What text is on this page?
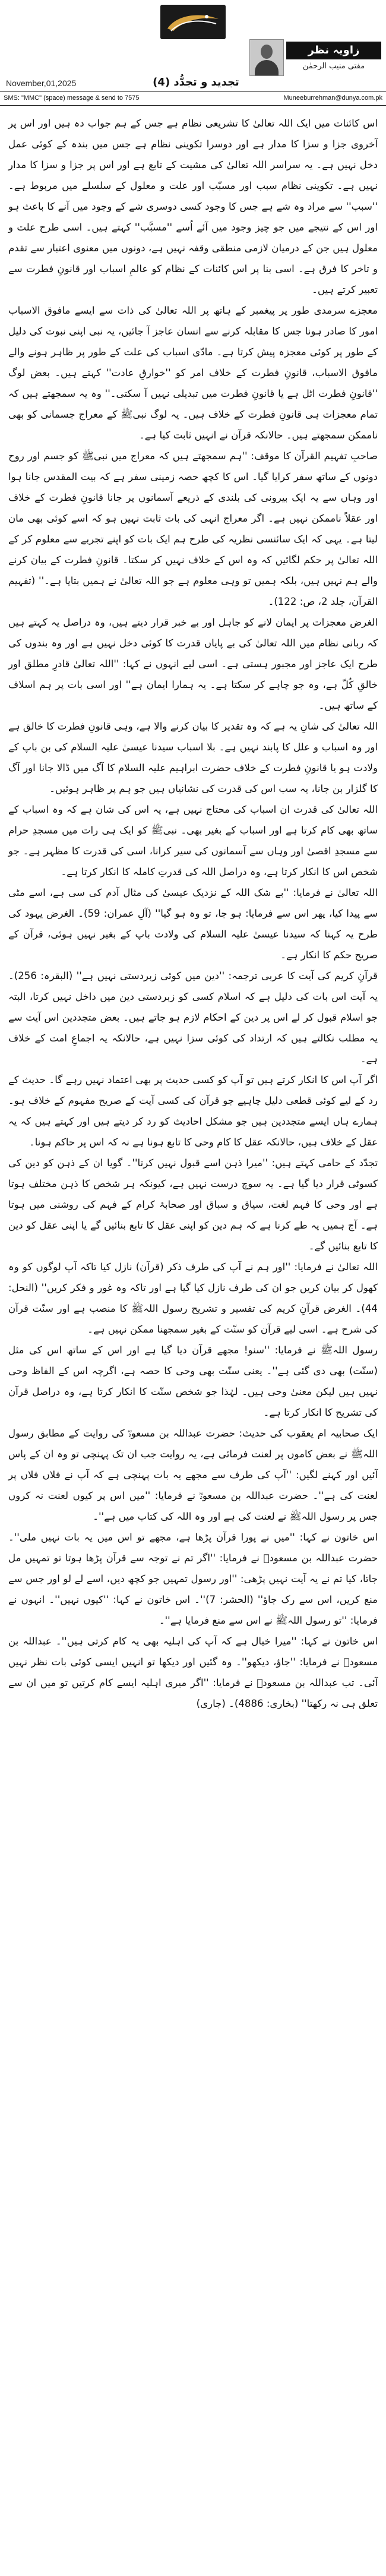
زاویہ نظر
مفتی منیب الرحمٰن
November,01,2025	تجدید و تجدُّد (4)
SMS: "MMC" (space) message & send to 7575	Muneeburrehman@dunya.com.pk

اس کائنات میں ایک اللہ تعالیٰ کا تشریعی نظام ہے جس کے ہم جواب دہ ہیں اور اس پر آخروی جزا و سزا کا مدار ہے اور دوسرا تکوینی نظام ہے جس میں بندہ کے کوئی عمل دخل نہیں ہے۔ یہ سراسر اللہ تعالیٰ کی مشیت کے تابع ہے اور اس پر جزا و سزا کا مدار نہیں ہے۔ تکوینی نظام سبب اور مسبّب اور علت و معلول کے سلسلے میں مربوط ہے۔ ''سبب'' سے مراد وہ شے ہے جس کا وجود کسی دوسری شے کے وجود میں آنے کا باعث ہو اور اس کے نتیجے میں جو چیز وجود میں آئے اُسے ''مسبَّب'' کہتے ہیں۔ اسی طرح علت و معلول ہیں جن کے درمیان لازمی منطقی وقفہ نہیں ہے، دونوں میں معنوی اعتبار سے تقدم و تاخر کا فرق ہے۔ اسی بنا پر اس کائنات کے نظام کو عالمِ اسباب اور قانونِ فطرت سے تعبیر کرتے ہیں۔

معجزے سرمدی طور پر پیغمبر کے ہاتھ پر اللہ تعالیٰ کی ذات سے ایسے مافوق الاسباب امور کا صادر ہونا جس کا مقابلہ کرنے سے انسان عاجز آ جائیں، یہ نبی اپنی نبوت کی دلیل کے طور پر کوئی معجزہ پیش کرتا ہے۔ مادّی اسباب کی علت کے طور پر ظاہر ہونے والے مافوق الاسباب، قانونِ فطرت کے خلاف امر کو ''خوارقِ عادت'' کہتے ہیں۔ بعض لوگ ''قانونِ فطرت اٹل ہے یا قانونِ فطرت میں تبدیلی نہیں آ سکتی۔'' وہ یہ سمجھتے ہیں کہ تمام معجزات ہی قانونِ فطرت کے خلاف ہیں۔ یہ لوگ نبیﷺ کے معراج جسمانی کو بھی ناممکن سمجھتے ہیں۔ حالانکہ قرآن نے انہیں ثابت کیا ہے۔

صاحبِ تفہیم القرآن کا موقف: ''ہم سمجھتے ہیں کہ معراج میں نبیﷺ کو جسم اور روح دونوں کے ساتھ سفر کرایا گیا۔ اس کا کچھ حصہ زمینی سفر ہے کہ بیت المقدس جانا ہوا اور وہاں سے یہ ایک بیرونی کی بلندی کے ذریعے آسمانوں پر جانا قانونِ فطرت کے خلاف اور عقلاً ناممکن نہیں ہے۔ اگر معراج انہی کی بات ثابت نہیں ہو کہ اسے کوئی بھی مان لیتا ہے۔ یہی کہ ایک سائنسی نظریہ کی طرح ہم ایک بات کو اپنے تجربے سے معلوم کر کے اللہ تعالیٰ پر حکم لگائیں کہ وہ اس کے خلاف نہیں کر سکتا۔ قانونِ فطرت کے بیان کرنے والے ہم نہیں ہیں، بلکہ ہمیں تو وہی معلوم ہے جو اللہ تعالیٰ نے ہمیں بتایا ہے۔'' (تفہیم القرآن، جلد 2، ص: 122)۔

الغرض معجزات پر ایمان لانے کو جاہل اور بے خبر قرار دیتے ہیں، وہ دراصل یہ کہتے ہیں کہ ربانی نظام میں اللہ تعالیٰ کی بے پایاں قدرت کا کوئی دخل نہیں ہے اور وہ بندوں کی طرح ایک عاجز اور مجبور ہستی ہے۔ اسی لیے انہوں نے کہا: ''اللہ تعالیٰ قادرِ مطلق اور خالقِ کُلّ ہے، وہ جو چاہے کر سکتا ہے۔ یہ ہمارا ایمان ہے'' اور اسی بات پر ہم اسلاف کے ساتھ ہیں۔

اللہ تعالیٰ کی شانِ یہ ہے کہ وہ تقدیر کا بیان کرنے والا ہے، وہی قانونِ فطرت کا خالق ہے اور وہ اسباب و علل کا پابند نہیں ہے۔ بلا اسباب سیدنا عیسیٰ علیہ السلام کی بن باپ کے ولادت ہو یا قانونِ فطرت کے خلاف حضرت ابراہیم علیہ السلام کا آگ میں ڈالا جانا اور آگ کا گلزار بن جانا، یہ سب اس کی قدرت کی نشانیاں ہیں جو ہم پر ظاہر ہوئیں۔

اللہ تعالیٰ کی قدرت ان اسباب کی محتاج نہیں ہے، یہ اس کی شان ہے کہ وہ اسباب کے ساتھ بھی کام کرتا ہے اور اسباب کے بغیر بھی۔ نبیﷺ کو ایک ہی رات میں مسجدِ حرام سے مسجدِ اقصیٰ اور وہاں سے آسمانوں کی سیر کرانا، اسی کی قدرت کا مظہر ہے۔ جو شخص اس کا انکار کرتا ہے، وہ دراصل اللہ کی قدرتِ کاملہ کا انکار کرتا ہے۔

اللہ تعالیٰ نے فرمایا: ''بے شک اللہ کے نزدیک عیسیٰ کی مثال آدم کی سی ہے، اسے مٹی سے پیدا کیا، پھر اس سے فرمایا: ہو جا، تو وہ ہو گیا'' (آلِ عمران: 59)۔ الغرض یہود کی طرح یہ کہنا کہ سیدنا عیسیٰ علیہ السلام کی ولادت باپ کے بغیر نہیں ہوئی، قرآن کے صریح حکم کا انکار ہے۔

قرآنِ کریم کی آیت کا عربی ترجمہ: ''دین میں کوئی زبردستی نہیں ہے'' (البقرہ: 256)۔ یہ آیت اس بات کی دلیل ہے کہ اسلام کسی کو زبردستی دین میں داخل نہیں کرتا، البتہ جو اسلام قبول کر لے اس پر دین کے احکام لازم ہو جاتے ہیں۔ بعض متجددین اس آیت سے یہ مطلب نکالتے ہیں کہ ارتداد کی کوئی سزا نہیں ہے، حالانکہ یہ اجماعِ امت کے خلاف ہے۔

اگر آپ اس کا انکار کرتے ہیں تو آپ کو کسی حدیث پر بھی اعتماد نہیں رہے گا۔ حدیث کے رد کے لیے کوئی قطعی دلیل چاہیے جو قرآن کی کسی آیت کے صریح مفہوم کے خلاف ہو۔ ہمارے ہاں ایسے متجددین ہیں جو مشکل احادیث کو رد کر دیتے ہیں اور کہتے ہیں کہ یہ عقل کے خلاف ہیں، حالانکہ عقل کا کام وحی کا تابع ہونا ہے نہ کہ اس پر حاکم ہونا۔

تجدّد کے حامی کہتے ہیں: ''میرا ذہن اسے قبول نہیں کرتا''۔ گویا ان کے ذہن کو دین کی کسوٹی قرار دیا گیا ہے۔ یہ سوچ درست نہیں ہے، کیونکہ ہر شخص کا ذہن مختلف ہوتا ہے اور وحی کا فہم لغت، سیاق و سباق اور صحابۂ کرام کے فہم کی روشنی میں ہوتا ہے۔ آج ہمیں یہ طے کرنا ہے کہ ہم دین کو اپنی عقل کا تابع بنائیں گے یا اپنی عقل کو دین کا تابع بنائیں گے۔

اللہ تعالیٰ نے فرمایا: ''اور ہم نے آپ کی طرف ذکر (قرآن) نازل کیا تاکہ آپ لوگوں کو وہ کھول کر بیان کریں جو ان کی طرف نازل کیا گیا ہے اور تاکہ وہ غور و فکر کریں'' (النحل: 44)۔ الغرض قرآنِ کریم کی تفسیر و تشریح رسول اللہﷺ کا منصب ہے اور سنّت قرآن کی شرح ہے۔ اسی لیے قرآن کو سنّت کے بغیر سمجھنا ممکن نہیں ہے۔

رسول اللہﷺ نے فرمایا: ''سنو! مجھے قرآن دیا گیا ہے اور اس کے ساتھ اس کی مثل (سنّت) بھی دی گئی ہے''۔ یعنی سنّت بھی وحی کا حصہ ہے، اگرچہ اس کے الفاظ وحی نہیں ہیں لیکن معنیٰ وحی ہیں۔ لہٰذا جو شخص سنّت کا انکار کرتا ہے، وہ دراصل قرآن کی تشریح کا انکار کرتا ہے۔

ایک صحابیہ ام یعقوب کی حدیث: حضرت عبداللہ بن مسعودؓ کی روایت کے مطابق رسول اللہﷺ نے بعض کاموں پر لعنت فرمائی ہے، یہ روایت جب ان تک پہنچی تو وہ ان کے پاس آئیں اور کہنے لگیں: ''آپ کی طرف سے مجھے یہ بات پہنچی ہے کہ آپ نے فلاں فلاں پر لعنت کی ہے''۔ حضرت عبداللہ بن مسعودؓ نے فرمایا: ''میں اس پر کیوں لعنت نہ کروں جس پر رسول اللہﷺ نے لعنت کی ہے اور وہ اللہ کی کتاب میں ہے''۔

اس خاتون نے کہا: ''میں نے پورا قرآن پڑھا ہے، مجھے تو اس میں یہ بات نہیں ملی''۔ حضرت عبداللہ بن مسعودؓ نے فرمایا: ''اگر تم نے توجہ سے قرآن پڑھا ہوتا تو تمہیں مل جاتا، کیا تم نے یہ آیت نہیں پڑھی: ''اور رسول تمہیں جو کچھ دیں، اسے لے لو اور جس سے منع کریں، اس سے رک جاؤ'' (الحشر: 7)''۔ اس خاتون نے کہا: ''کیوں نہیں''۔ انہوں نے فرمایا: ''تو رسول اللہﷺ نے اس سے منع فرمایا ہے''۔

اس خاتون نے کہا: ''میرا خیال ہے کہ آپ کی اہلیہ بھی یہ کام کرتی ہیں''۔ عبداللہ بن مسعودؓ نے فرمایا: ''جاؤ، دیکھو''۔ وہ گئیں اور دیکھا تو انہیں ایسی کوئی بات نظر نہیں آئی۔ تب عبداللہ بن مسعودؓ نے فرمایا: ''اگر میری اہلیہ ایسے کام کرتیں تو میں ان سے تعلق ہی نہ رکھتا'' (بخاری: 4886)۔ (جاری)
